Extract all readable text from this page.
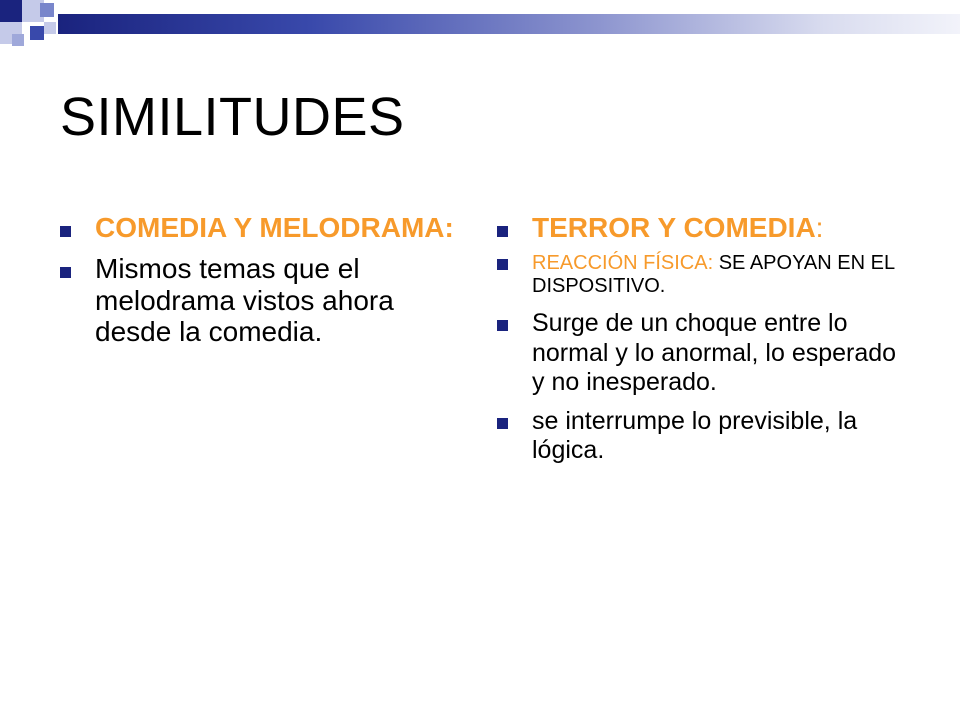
SIMILITUDES
COMEDIA Y MELODRAMA:
Mismos temas que el melodrama vistos ahora desde la comedia.
TERROR Y COMEDIA:
REACCIÓN FÍSICA: SE APOYAN EN EL DISPOSITIVO.
Surge de un choque entre lo normal y lo anormal, lo esperado y no inesperado.
se interrumpe lo previsible, la lógica.
